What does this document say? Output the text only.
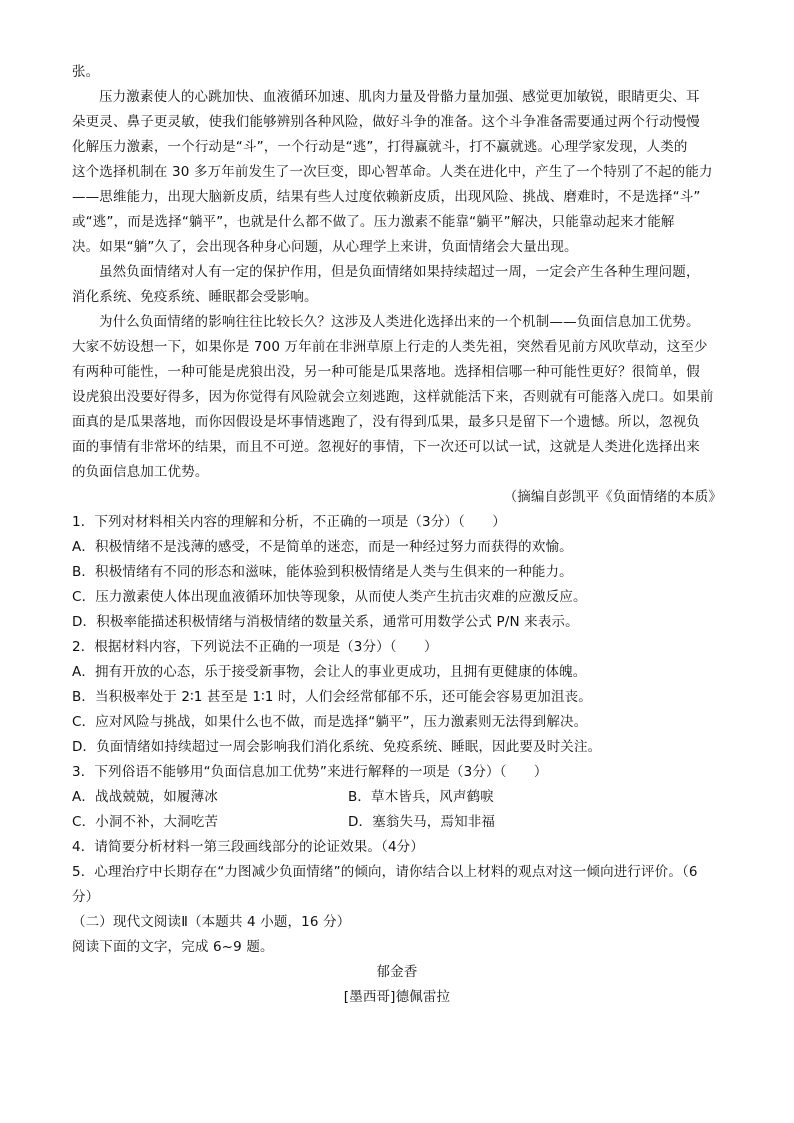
张。
压力激素使人的心跳加快、血液循环加速、肌肉力量及骨骼力量加强、感觉更加敏锐，眼睛更尖、耳
朵更灵、鼻子更灵敏，使我们能够辨别各种风险，做好斗争的准备。这个斗争准备需要通过两个行动慢慢
化解压力激素，一个行动是“斗”，一个行动是“逃”，打得赢就斗，打不赢就逃。心理学家发现，人类的
这个选择机制在 30 多万年前发生了一次巨变，即心智革命。人类在进化中，产生了一个特别了不起的能力
——思维能力，出现大脑新皮质，结果有些人过度依赖新皮质，出现风险、挑战、磨难时，不是选择“斗”
或“逃”，而是选择“躺平”，也就是什么都不做了。压力激素不能靠“躺平”解决，只能靠动起来才能解
决。如果“躺”久了，会出现各种身心问题，从心理学上来讲，负面情绪会大量出现。
虽然负面情绪对人有一定的保护作用，但是负面情绪如果持续超过一周，一定会产生各种生理问题，
消化系统、免疫系统、睡眠都会受影响。
为什么负面情绪的影响往往比较长久？这涉及人类进化选择出来的一个机制——负面信息加工优势。
大家不妨设想一下，如果你是 700 万年前在非洲草原上行走的人类先祖，突然看见前方风吹草动，这至少
有两种可能性，一种可能是虎狼出没，另一种可能是瓜果落地。选择相信哪一种可能性更好？很简单，假
设虎狼出没要好得多，因为你觉得有风险就会立刻逃跑，这样就能活下来，否则就有可能落入虎口。如果前
面真的是瓜果落地，而你因假设是坏事情逃跑了，没有得到瓜果，最多只是留下一个遗憾。所以，忽视负
面的事情有非常坏的结果，而且不可逆。忽视好的事情，下一次还可以试一试，这就是人类进化选择出来
的负面信息加工优势。
（摘编自彭凯平《负面情绪的本质》
1．下列对材料相关内容的理解和分析，不正确的一项是（3分）（　　）
A．积极情绪不是浅薄的感受，不是简单的迷恋，而是一种经过努力而获得的欢愉。
B．积极情绪有不同的形态和滋味，能体验到积极情绪是人类与生俱来的一种能力。
C．压力激素使人体出现血液循环加快等现象，从而使人类产生抗击灾难的应激反应。
D．积极率能描述积极情绪与消极情绪的数量关系，通常可用数学公式 P/N 来表示。
2．根据材料内容，下列说法不正确的一项是（3分）（　　）
A．拥有开放的心态，乐于接受新事物，会让人的事业更成功，且拥有更健康的体魄。
B．当积极率处于 2∶1 甚至是 1∶1 时，人们会经常郁郁不乐，还可能会容易更加沮丧。
C．应对风险与挑战，如果什么也不做，而是选择“躺平”，压力激素则无法得到解决。
D．负面情绪如持续超过一周会影响我们消化系统、免疫系统、睡眠，因此要及时关注。
3．下列俗语不能够用“负面信息加工优势”来进行解释的一项是（3分）（　　）
A．战战兢兢，如履薄冰	B．草木皆兵，风声鹤唳
C．小洞不补，大洞吃苦	D．塞翁失马，焉知非福
4．请简要分析材料一第三段画线部分的论证效果。（4分）
5．心理治疗中长期存在“力图减少负面情绪”的倾向，请你结合以上材料的观点对这一倾向进行评价。（6
分）
（二）现代文阅读Ⅱ（本题共 4 小题，16 分）
阅读下面的文字，完成 6~9 题。
郁金香
[墨西哥]德佩雷拉
